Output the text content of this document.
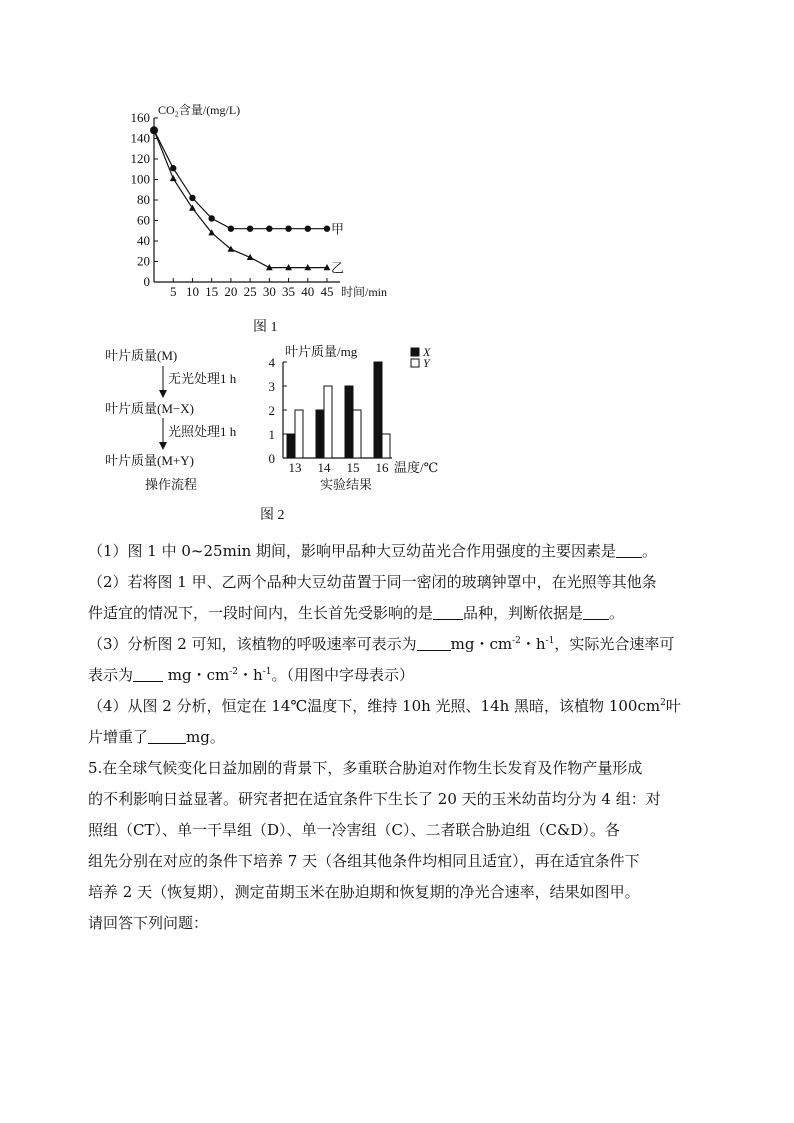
0
20
40
60
80
100
120
140
160
5 10 15 20 25 30 35 40 45
甲
乙
CO₂含量/(mg/L)
时间/min
图 1
叶片质量(M)
无光处理1 h
叶片质量(M−X)
光照处理1 h
叶片质量(M+Y)
操作流程
0
1
2
3
4
13 14 15 16
X
Y
叶片质量/mg
温度/℃
实验结果
图 2
（1）图 1 中 0~25min 期间，影响甲品种大豆幼苗光合作用强度的主要因素是 。
（2）若将图 1 甲、乙两个品种大豆幼苗置于同一密闭的玻璃钟罩中，在光照等其他条
件适宜的情况下，一段时间内，生长首先受影响的是 品种，判断依据是 。
（3）分析图 2 可知，该植物的呼吸速率可表示为 mg・$cm^{-2}$・$h^{-1}$，实际光合速率可
表示为 mg・$cm^{-2}$・$h^{-1}$。（用图中字母表示）
（4）从图 2 分析，恒定在 14℃温度下，维持 10h 光照、14h 黑暗，该植物 $100cm^2$叶
片增重了	mg。
5.在全球气候变化日益加剧的背景下，多重联合胁迫对作物生长发育及作物产量形成
的不利影响日益显著。研究者把在适宜条件下生长了 20 天的玉米幼苗均分为 4 组：对
照组（CT）、单一干旱组（D）、单一冷害组（C）、二者联合胁迫组（C&D）。各
组先分别在对应的条件下培养 7 天（各组其他条件均相同且适宜），再在适宜条件下
培养 2 天（恢复期），测定苗期玉米在胁迫期和恢复期的净光合速率，结果如图甲。
请回答下列问题：
